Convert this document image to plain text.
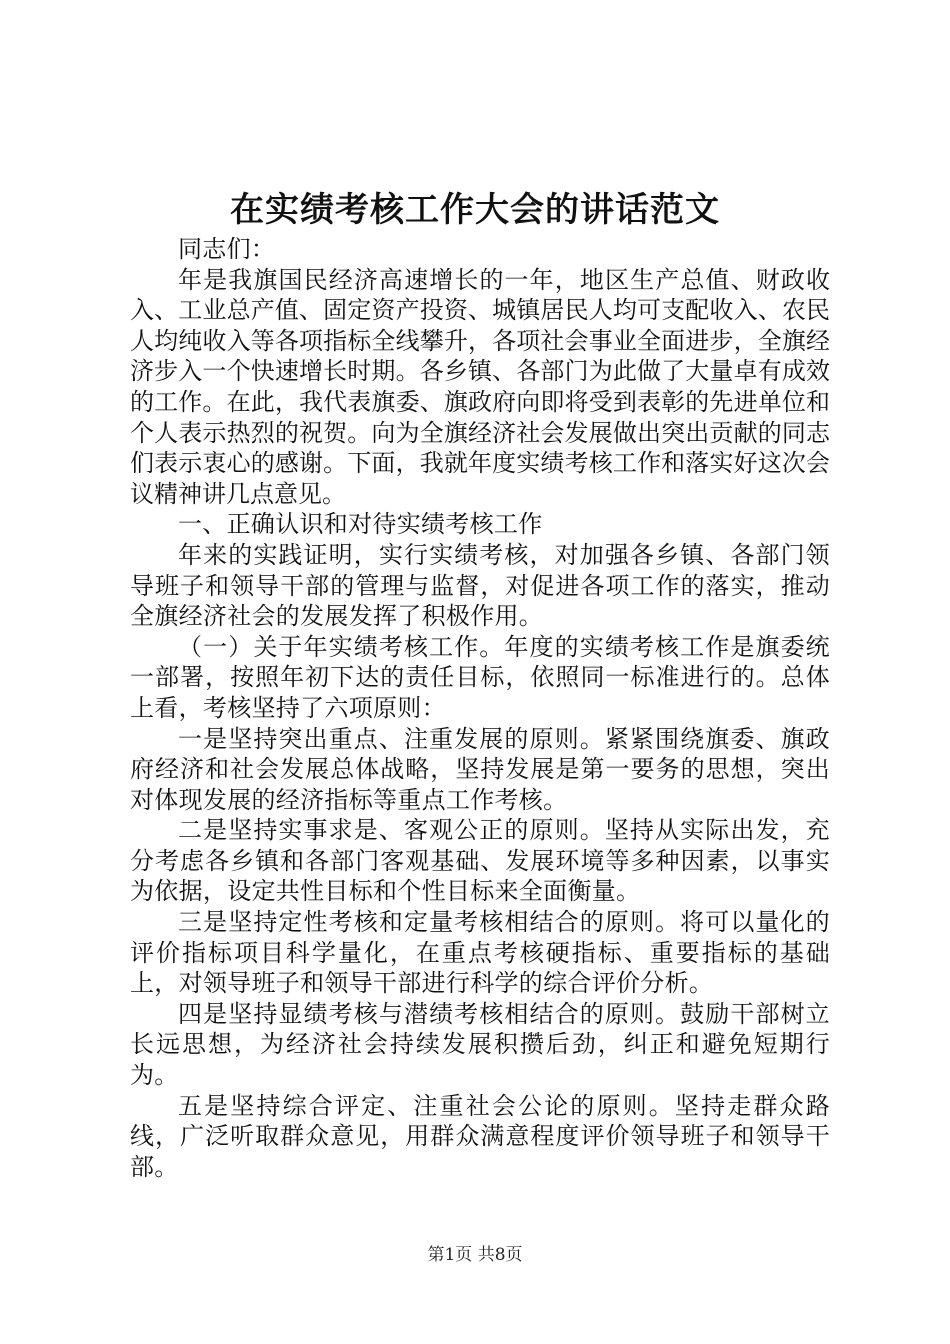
在实绩考核工作大会的讲话范文

同志们：

年是我旗国民经济高速增长的一年，地区生产总值、财政收入、工业总产值、固定资产投资、城镇居民人均可支配收入、农民人均纯收入等各项指标全线攀升，各项社会事业全面进步，全旗经济步入一个快速增长时期。各乡镇、各部门为此做了大量卓有成效的工作。在此，我代表旗委、旗政府向即将受到表彰的先进单位和个人表示热烈的祝贺。向为全旗经济社会发展做出突出贡献的同志们表示衷心的感谢。下面，我就年度实绩考核工作和落实好这次会议精神讲几点意见。

一、正确认识和对待实绩考核工作

年来的实践证明，实行实绩考核，对加强各乡镇、各部门领导班子和领导干部的管理与监督，对促进各项工作的落实，推动全旗经济社会的发展发挥了积极作用。

（一）关于年实绩考核工作。年度的实绩考核工作是旗委统一部署，按照年初下达的责任目标，依照同一标准进行的。总体上看，考核坚持了六项原则：

一是坚持突出重点、注重发展的原则。紧紧围绕旗委、旗政府经济和社会发展总体战略，坚持发展是第一要务的思想，突出对体现发展的经济指标等重点工作考核。

二是坚持实事求是、客观公正的原则。坚持从实际出发，充分考虑各乡镇和各部门客观基础、发展环境等多种因素，以事实为依据，设定共性目标和个性目标来全面衡量。

三是坚持定性考核和定量考核相结合的原则。将可以量化的评价指标项目科学量化，在重点考核硬指标、重要指标的基础上，对领导班子和领导干部进行科学的综合评价分析。

四是坚持显绩考核与潜绩考核相结合的原则。鼓励干部树立长远思想，为经济社会持续发展积攒后劲，纠正和避免短期行为。

五是坚持综合评定、注重社会公论的原则。坚持走群众路线，广泛听取群众意见，用群众满意程度评价领导班子和领导干部。

第1页 共8页
